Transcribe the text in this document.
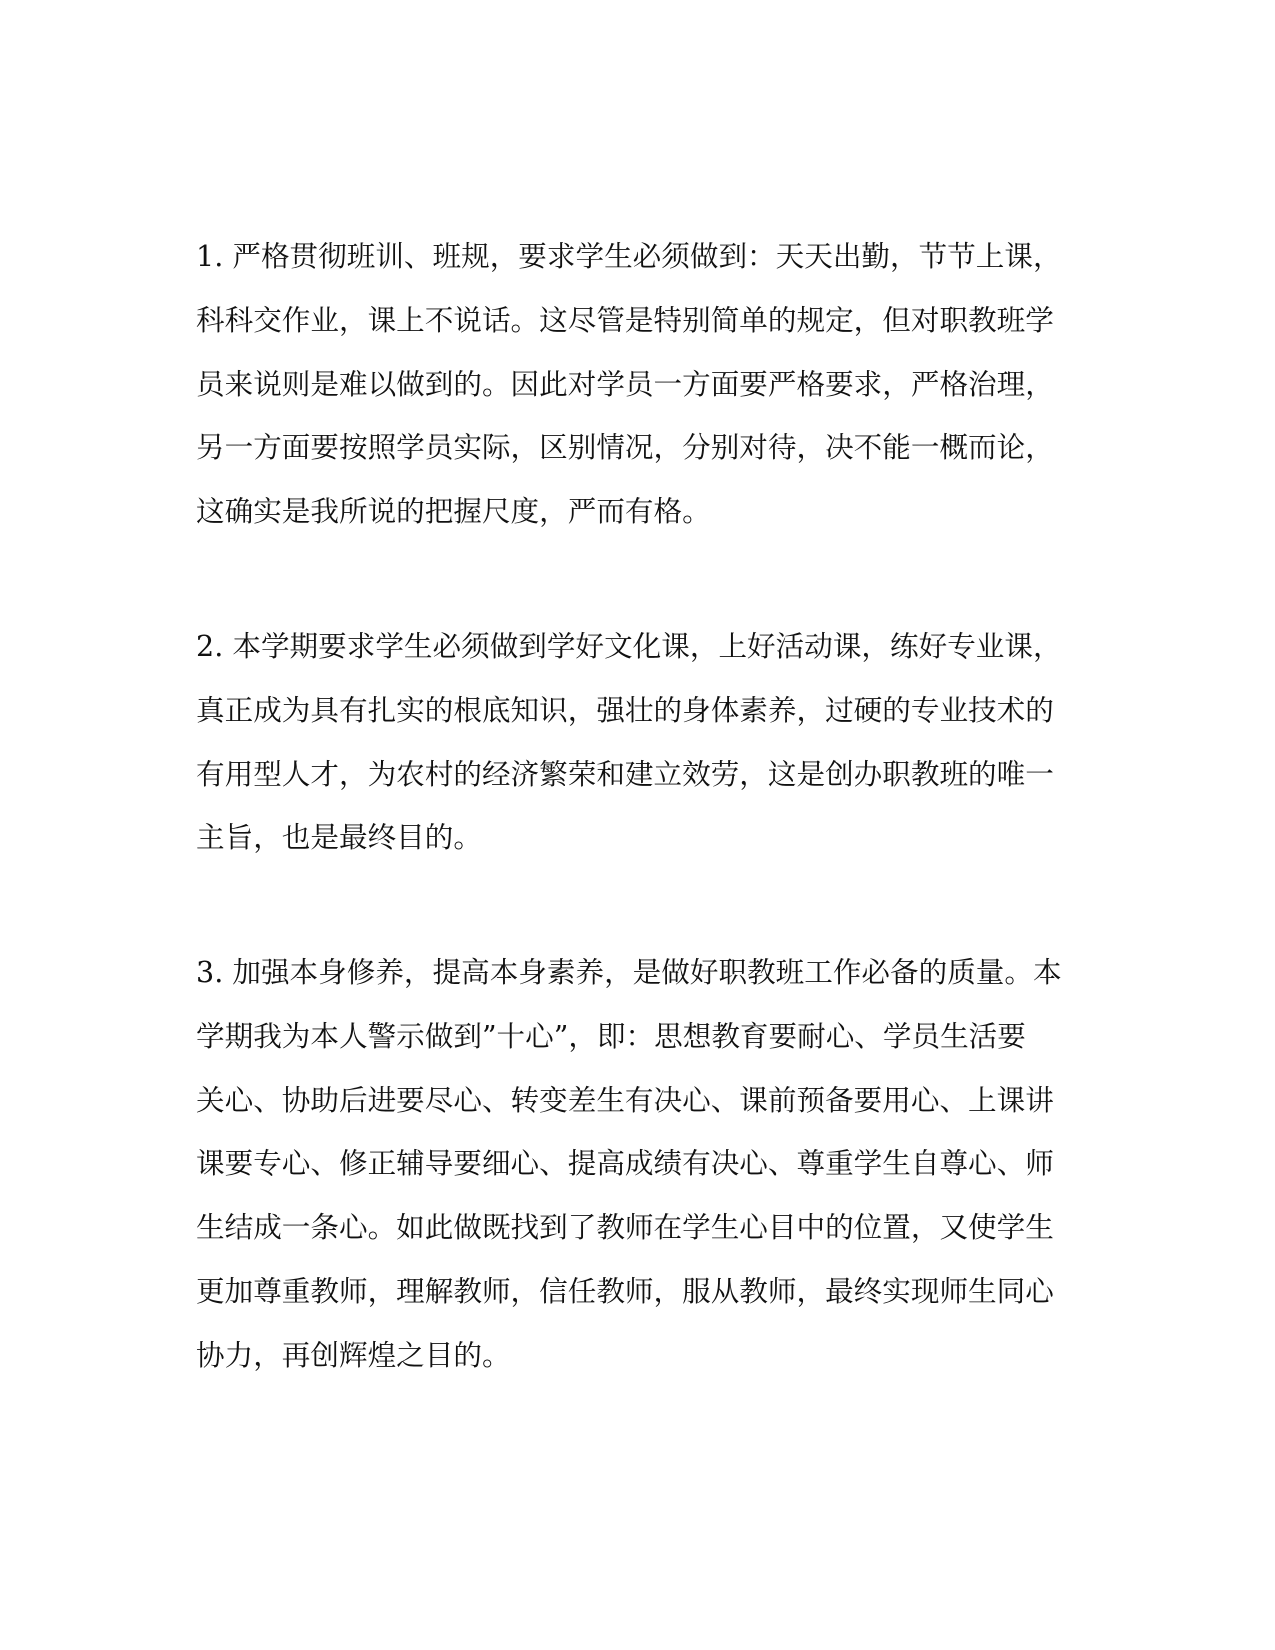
1. 严格贯彻班训、班规，要求学生必须做到：天天出勤，节节上课，
科科交作业，课上不说话。这尽管是特别简单的规定，但对职教班学
员来说则是难以做到的。因此对学员一方面要严格要求，严格治理，
另一方面要按照学员实际，区别情况，分别对待，决不能一概而论，
这确实是我所说的把握尺度，严而有格。
2. 本学期要求学生必须做到学好文化课，上好活动课，练好专业课，
真正成为具有扎实的根底知识，强壮的身体素养，过硬的专业技术的
有用型人才，为农村的经济繁荣和建立效劳，这是创办职教班的唯一
主旨，也是最终目的。
3. 加强本身修养，提高本身素养，是做好职教班工作必备的质量。本
学期我为本人警示做到”十心”，即：思想教育要耐心、学员生活要
关心、协助后进要尽心、转变差生有决心、课前预备要用心、上课讲
课要专心、修正辅导要细心、提高成绩有决心、尊重学生自尊心、师
生结成一条心。如此做既找到了教师在学生心目中的位置，又使学生
更加尊重教师，理解教师，信任教师，服从教师，最终实现师生同心
协力，再创辉煌之目的。
